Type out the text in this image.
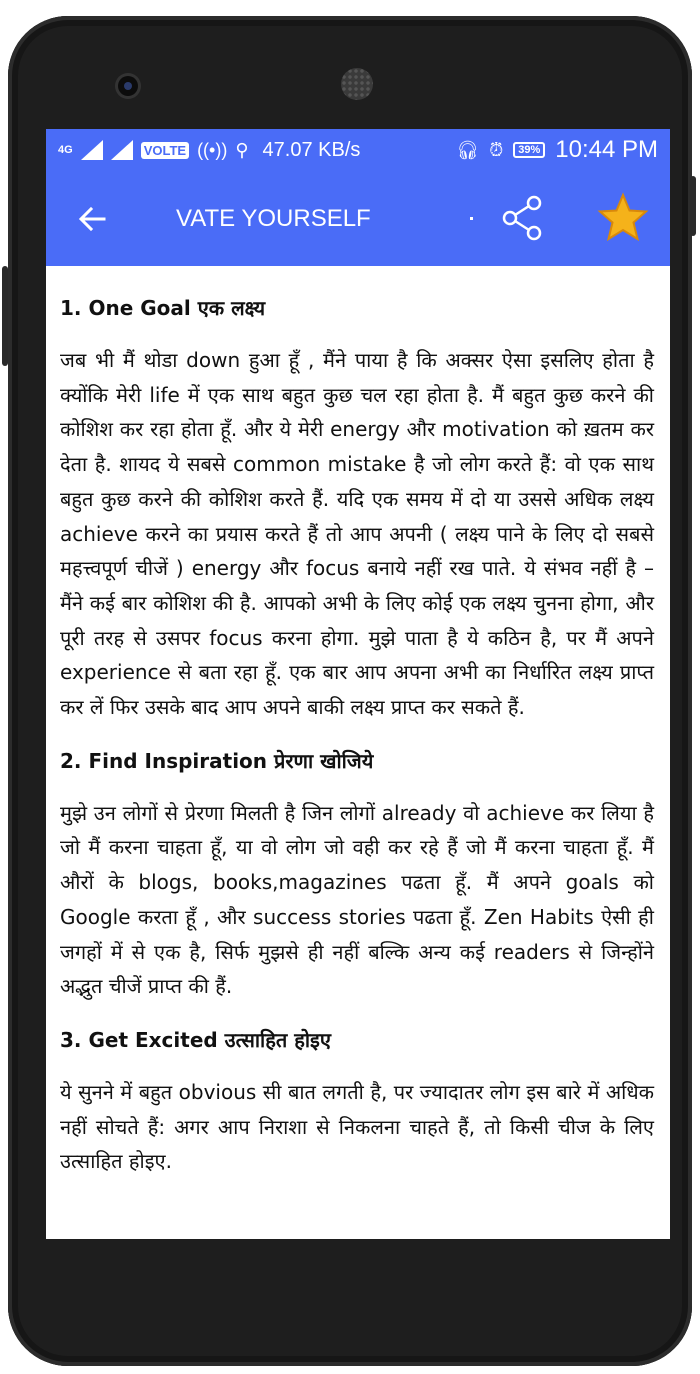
4G	VOLTE ((•)) ⚲ 47.07 KB/s	🎧︎ ⏰︎	39% 10:44 PM
VATE YOURSELF
1. One Goal एक लक्ष्य

जब भी मैं थोडा down हुआ हूँ , मैंने पाया है कि अक्सर ऐसा इसलिए होता है क्योंकि मेरी life में एक साथ बहुत कुछ चल रहा होता है. मैं बहुत कुछ करने की कोशिश कर रहा होता हूँ. और ये मेरी energy और motivation को ख़तम कर देता है. शायद ये सबसे common mistake है जो लोग करते हैं: वो एक साथ बहुत कुछ करने की कोशिश करते हैं. यदि एक समय में दो या उससे अधिक लक्ष्य achieve करने का प्रयास करते हैं तो आप अपनी ( लक्ष्य पाने के लिए दो सबसे महत्त्वपूर्ण चीजें ) energy और focus बनाये नहीं रख पाते. ये संभव नहीं है – मैंने कई बार कोशिश की है. आपको अभी के लिए कोई एक लक्ष्य चुनना होगा, और पूरी तरह से उसपर focus करना होगा. मुझे पाता है ये कठिन है, पर मैं अपने experience से बता रहा हूँ. एक बार आप अपना अभी का निर्धारित लक्ष्य प्राप्त कर लें फिर उसके बाद आप अपने बाकी लक्ष्य प्राप्त कर सकते हैं.

2. Find Inspiration प्रेरणा खोजिये

मुझे उन लोगों से प्रेरणा मिलती है जिन लोगों already वो achieve कर लिया है जो मैं करना चाहता हूँ, या वो लोग जो वही कर रहे हैं जो मैं करना चाहता हूँ. मैं औरों के blogs, books,magazines पढता हूँ. मैं अपने goals को Google करता हूँ , और success stories पढता हूँ. Zen Habits ऐसी ही जगहों में से एक है, सिर्फ मुझसे ही नहीं बल्कि अन्य कई readers से जिन्होंने अद्भुत चीजें प्राप्त की हैं.

3. Get Excited उत्साहित होइए

ये सुनने में बहुत obvious सी बात लगती है, पर ज्यादातर लोग इस बारे में अधिक नहीं सोचते हैं: अगर आप निराशा से निकलना चाहते हैं, तो किसी चीज के लिए उत्साहित होइए.
